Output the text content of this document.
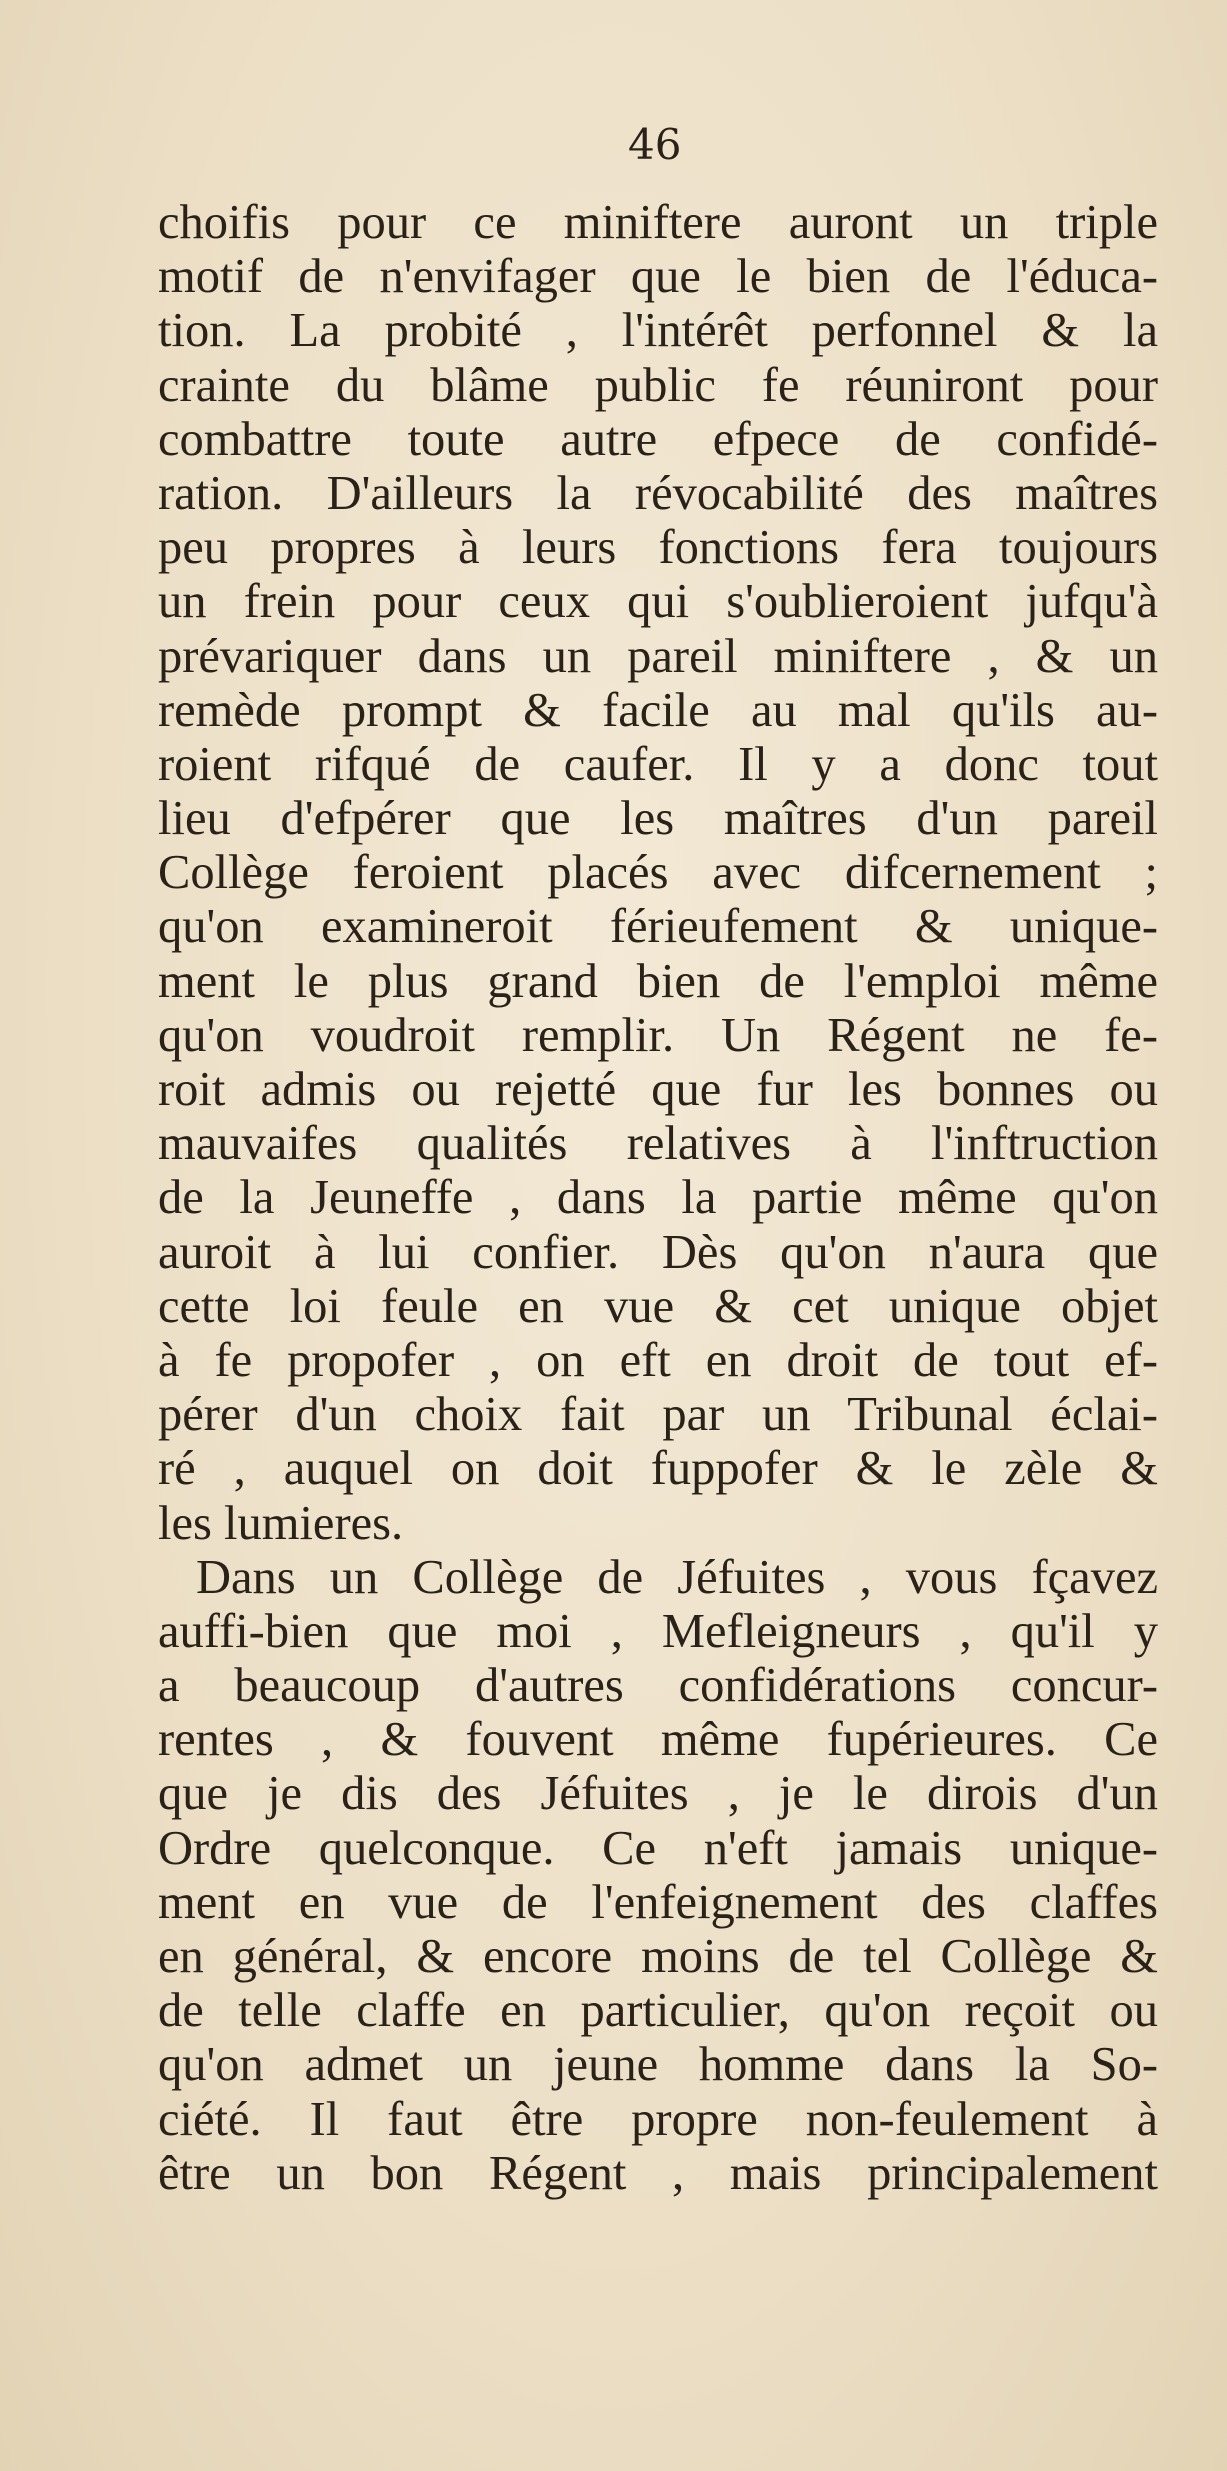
46
choifis pour ce miniftere auront un triple
motif de n'envifager que le bien de l'éduca-
tion. La probité , l'intérêt perfonnel & la
crainte du blâme public fe réuniront pour
combattre toute autre efpece de confidé-
ration. D'ailleurs la révocabilité des maîtres
peu propres à leurs fonctions fera toujours
un frein pour ceux qui s'oublieroient jufqu'à
prévariquer dans un pareil miniftere , & un
remède prompt & facile au mal qu'ils au-
roient rifqué de caufer. Il y a donc tout
lieu d'efpérer que les maîtres d'un pareil
Collège feroient placés avec difcernement ;
qu'on examineroit férieufement & unique-
ment le plus grand bien de l'emploi même
qu'on voudroit remplir. Un Régent ne fe-
roit admis ou rejetté que fur les bonnes ou
mauvaifes qualités relatives à l'inftruction
de la Jeuneffe , dans la partie même qu'on
auroit à lui confier. Dès qu'on n'aura que
cette loi feule en vue & cet unique objet
à fe propofer , on eft en droit de tout ef-
pérer d'un choix fait par un Tribunal éclai-
ré , auquel on doit fuppofer & le zèle &
les lumieres.
Dans un Collège de Jéfuites , vous fçavez
auffi-bien que moi , Mefleigneurs , qu'il y
a beaucoup d'autres confidérations concur-
rentes , & fouvent même fupérieures. Ce
que je dis des Jéfuites , je le dirois d'un
Ordre quelconque. Ce n'eft jamais unique-
ment en vue de l'enfeignement des claffes
en général, & encore moins de tel Collège &
de telle claffe en particulier, qu'on reçoit ou
qu'on admet un jeune homme dans la So-
ciété. Il faut être propre non-feulement à
être un bon Régent , mais principalement
